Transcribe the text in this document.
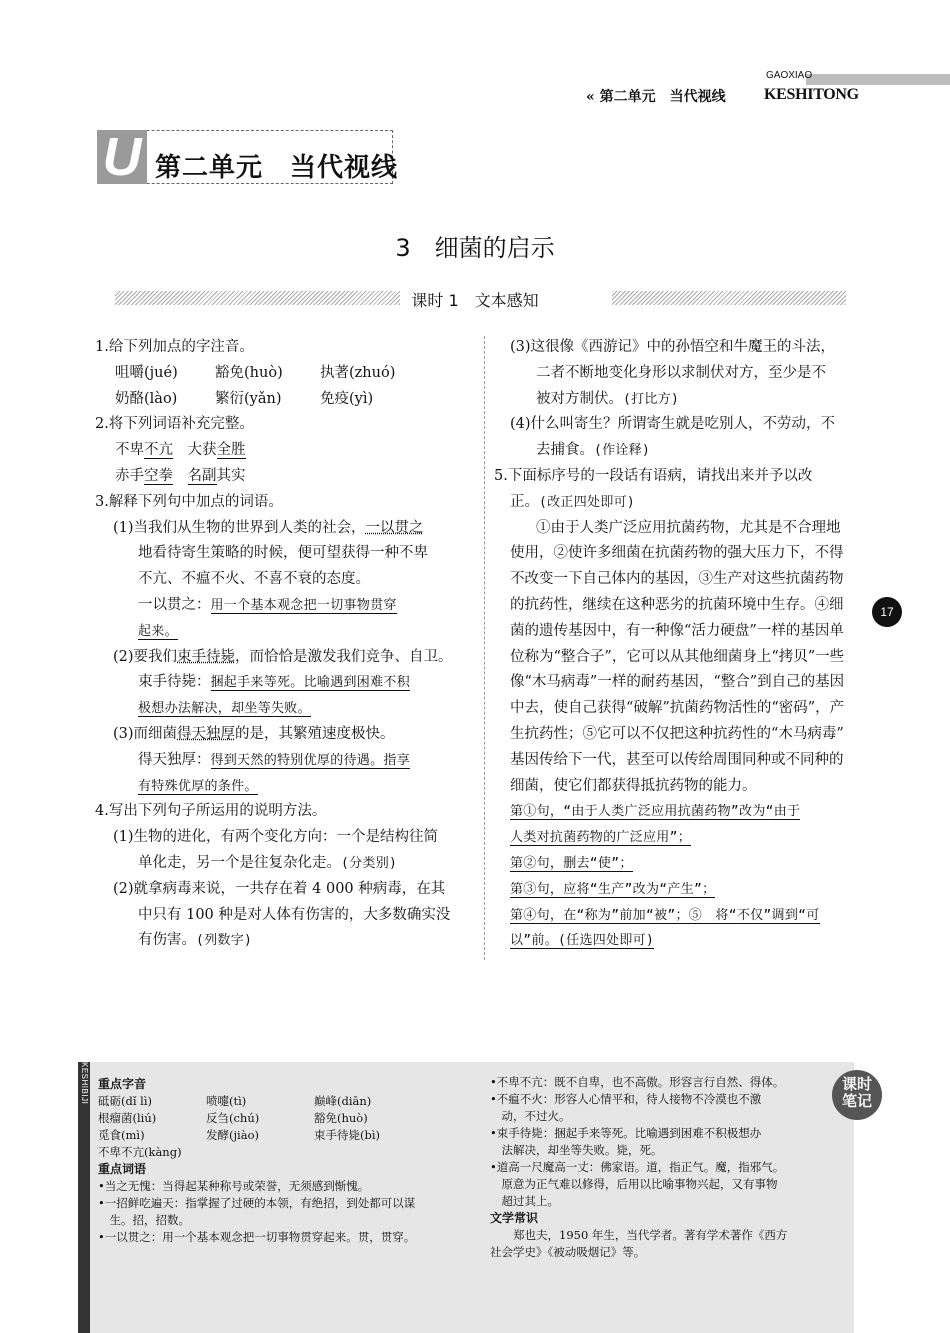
GAOXIAO
KESHITONG
« 第二单元　当代视线
U 第二单元　当代视线
3　细菌的启示
课时 1　文本感知

1.给下列加点的字注音。

咀嚼(jué)	豁免(huò)	执著(zhuó)

奶酪(lào)	繁衍(yǎn)	免疫(yì)

2.将下列词语补充完整。

不卑不亢　 大获全胜

赤手空拳　 名副其实

3.解释下列句中加点的词语。

(1)当我们从生物的世界到人类的社会，一以贯之

地看待寄生策略的时候，便可望获得一种不卑

不亢、不瘟不火、不喜不衰的态度。

一以贯之：用一个基本观念把一切事物贯穿

起来。

(2)要我们束手待毙，而恰恰是激发我们竞争、自卫。

束手待毙：捆起手来等死。比喻遇到困难不积

极想办法解决，却坐等失败。

(3)而细菌得天独厚的是，其繁殖速度极快。

得天独厚：得到天然的特别优厚的待遇。指享

有特殊优厚的条件。

4.写出下列句子所运用的说明方法。

(1)生物的进化，有两个变化方向：一个是结构往简

单化走，另一个是往复杂化走。(分类别)

(2)就拿病毒来说，一共存在着 4 000 种病毒，在其

中只有 100 种是对人体有伤害的，大多数确实没

有伤害。(列数字)

(3)这很像《西游记》中的孙悟空和牛魔王的斗法，

二者不断地变化身形以求制伏对方，至少是不

被对方制伏。(打比方)

(4)什么叫寄生？所谓寄生就是吃别人，不劳动，不

去捕食。(作诠释)

5.下面标序号的一段话有语病，请找出来并予以改

正。(改正四处即可)

①由于人类广泛应用抗菌药物，尤其是不合理地

使用，②使许多细菌在抗菌药物的强大压力下，不得

不改变一下自己体内的基因，③生产对这些抗菌药物

的抗药性，继续在这种恶劣的抗菌环境中生存。④细

菌的遗传基因中，有一种像“活力硬盘”一样的基因单

位称为“整合子”，它可以从其他细菌身上“拷贝”一些

像“木马病毒”一样的耐药基因，“整合”到自己的基因

中去，使自己获得“破解”抗菌药物活性的“密码”，产

生抗药性；⑤它可以不仅把这种抗药性的“木马病毒”

基因传给下一代，甚至可以传给周围同种或不同种的

细菌，使它们都获得抵抗药物的能力。

第①句，“由于人类广泛应用抗菌药物”改为“由于

人类对抗菌药物的广泛应用”；

第②句，删去“使”；

第③句，应将“生产”改为“产生”；

第④句，在“称为”前加“被”；⑤　将“不仅”调到“可

以”前。(任选四处即可)

17
KESHIBIJI	课时
笔记

重点字音

砥砺(dǐ lì)	喷嚏(tì)	巅峰(diān)

根瘤菌(liú)	反刍(chú)	豁免(huò)

觅食(mì)	发酵(jiào)	束手待毙(bì)

不卑不亢(kàng)

重点词语

•当之无愧：当得起某种称号或荣誉，无须感到惭愧。

•一招鲜吃遍天：指掌握了过硬的本领，有绝招，到处都可以谋

　生。招，招数。

•一以贯之：用一个基本观念把一切事物贯穿起来。贯，贯穿。

•不卑不亢：既不自卑，也不高傲。形容言行自然、得体。

•不瘟不火：形容人心情平和，待人接物不冷漠也不激

　动，不过火。

•束手待毙：捆起手来等死。比喻遇到困难不积极想办

　法解决，却坐等失败。毙，死。

•道高一尺魔高一丈：佛家语。道，指正气。魔，指邪气。

　原意为正气难以修得，后用以比喻事物兴起，又有事物

　超过其上。

文学常识

　　郑也夫，1950 年生，当代学者。著有学术著作《西方

社会学史》《被动吸烟记》等。
